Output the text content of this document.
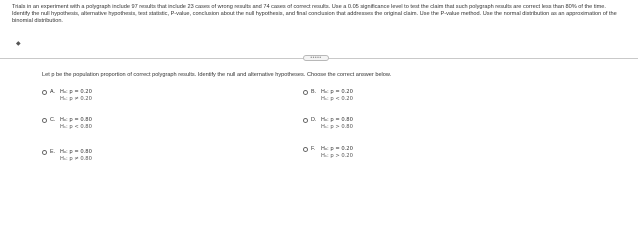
Trials in an experiment with a polygraph include 97 results that include 23 cases of wrong results and 74 cases of correct results. Use a 0.05 significance level to test the claim that such polygraph results are correct less than 80% of the time. Identify the null hypothesis, alternative hypothesis, test statistic, P-value, conclusion about the null hypothesis, and final conclusion that addresses the original claim. Use the P-value method. Use the normal distribution as an approximation of the binomial distribution.
◆
•••••
Let p be the population proportion of correct polygraph results. Identify the null and alternative hypotheses. Choose the correct answer below.
A. H₀: p = 0.20
H₁: p ≠ 0.20
C. H₀: p = 0.80
H₁: p < 0.80
E. H₀: p = 0.80
H₁: p ≠ 0.80
B. H₀: p = 0.20
H₁: p < 0.20
D. H₀: p = 0.80
H₁: p > 0.80
F.	H₀: p = 0.20
H₁: p > 0.20
